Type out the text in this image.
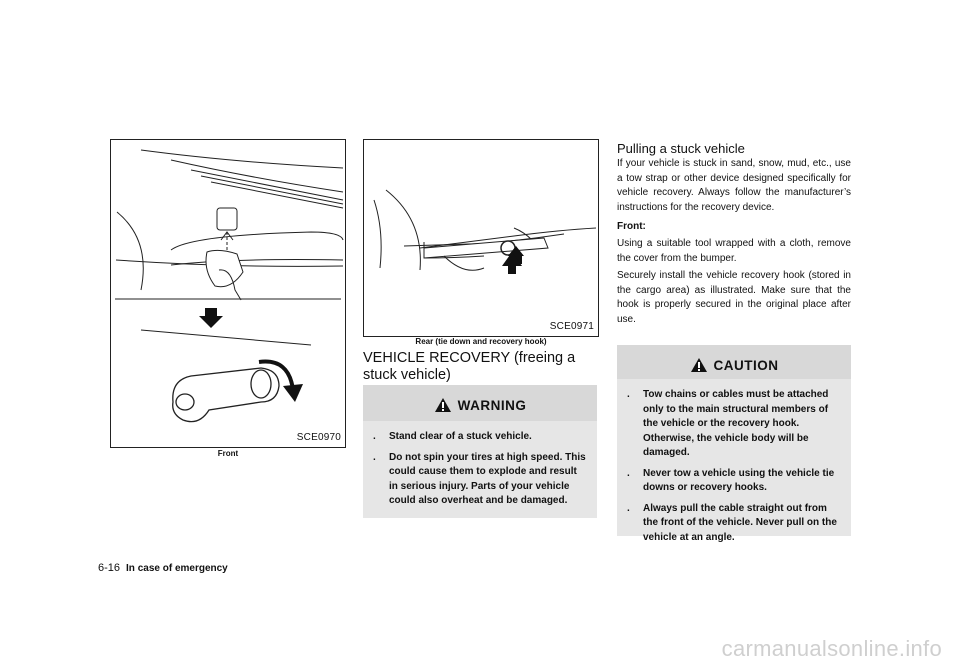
SCE0970
Front
SCE0971
Rear (tie down and recovery hook)
VEHICLE RECOVERY (freeing a stuck vehicle)
WARNING
. Stand clear of a stuck vehicle.
. Do not spin your tires at high speed. This could cause them to explode and result in serious injury. Parts of your vehicle could also overheat and be damaged.
Pulling a stuck vehicle
If your vehicle is stuck in sand, snow, mud, etc., use a tow strap or other device designed specifically for vehicle recovery. Always follow the manufacturer’s instructions for the recovery device.
Front:
Using a suitable tool wrapped with a cloth, remove the cover from the bumper.
Securely install the vehicle recovery hook (stored in the cargo area) as illustrated. Make sure that the hook is properly secured in the original place after use.
CAUTION
. Tow chains or cables must be attached only to the main structural members of the vehicle or the recovery hook. Otherwise, the vehicle body will be damaged.
. Never tow a vehicle using the vehicle tie downs or recovery hooks.
. Always pull the cable straight out from the front of the vehicle. Never pull on the vehicle at an angle.
6-16 In case of emergency
carmanualsonline.info
